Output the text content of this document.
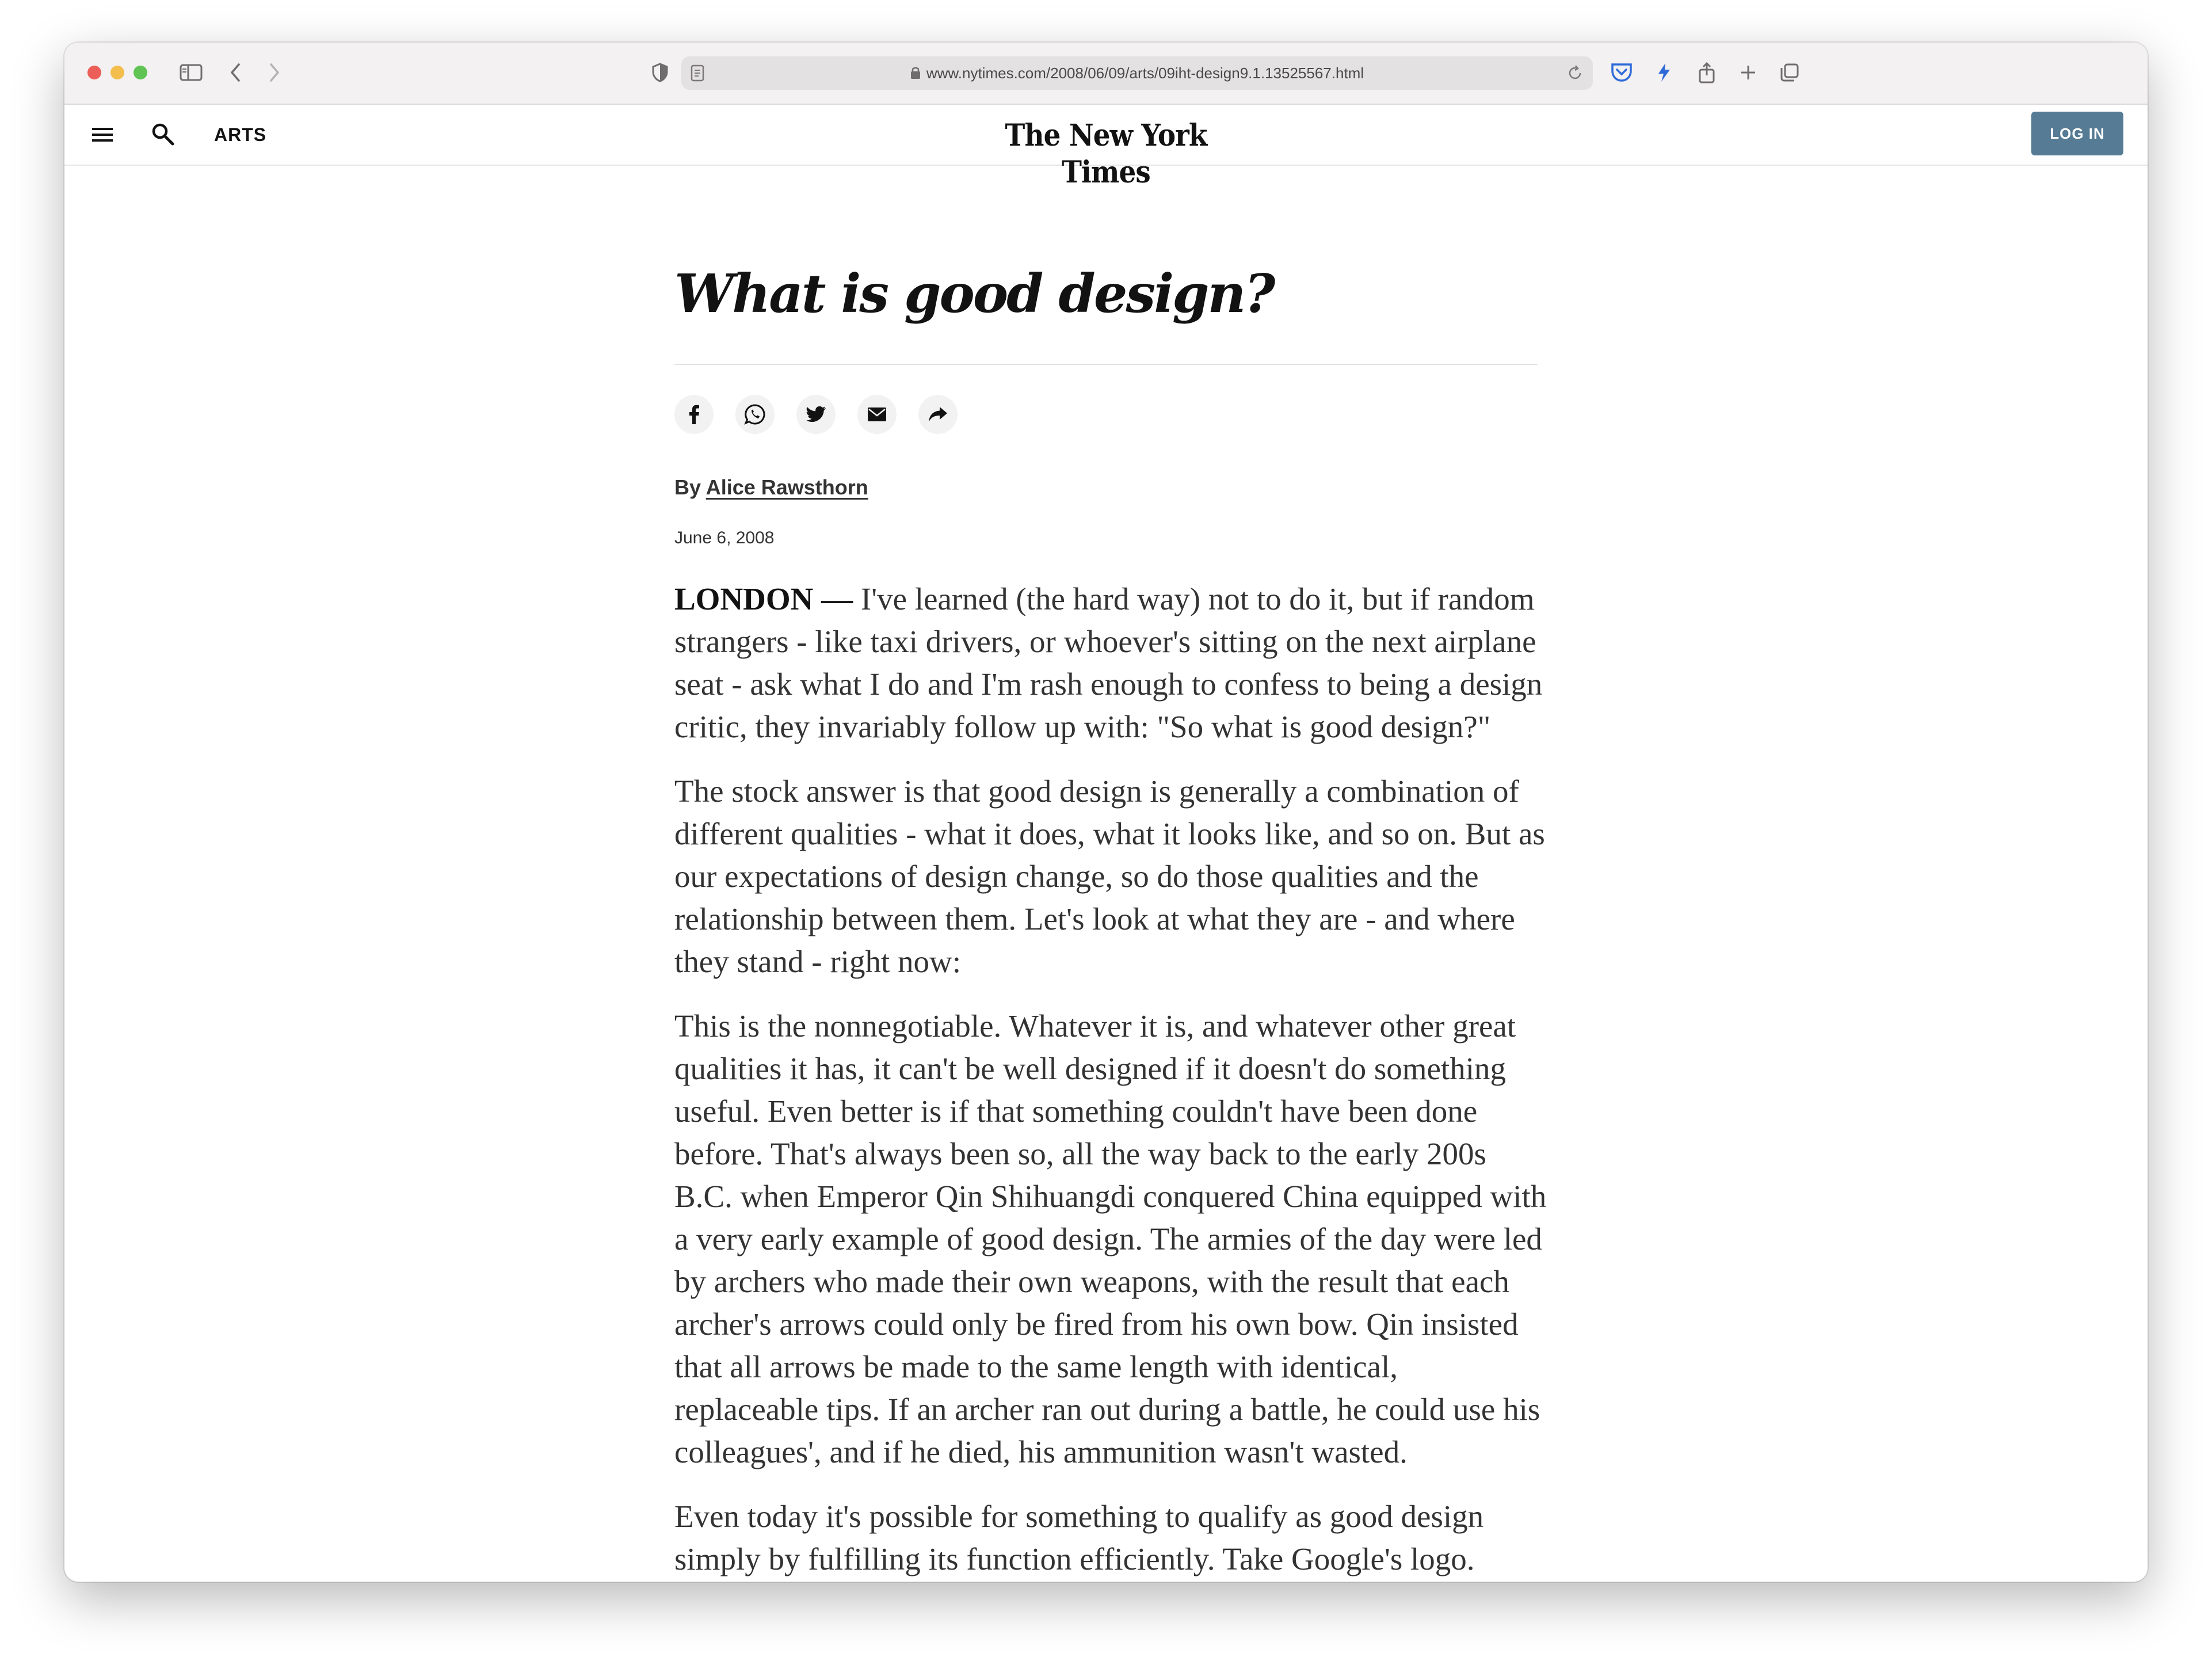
www.nytimes.com/2008/06/09/arts/09iht-design9.1.13525567.html
ARTS	The New York Times
LOG IN
What is good design?
By Alice Rawsthorn
June 6, 2008

LONDON — I've learned (the hard way) not to do it, but if random strangers - like taxi drivers, or whoever's sitting on the next airplane seat - ask what I do and I'm rash enough to confess to being a design critic, they invariably follow up with: "So what is good design?"

The stock answer is that good design is generally a combination of different qualities - what it does, what it looks like, and so on. But as our expectations of design change, so do those qualities and the relationship between them. Let's look at what they are - and where they stand - right now:

This is the nonnegotiable. Whatever it is, and whatever other great qualities it has, it can't be well designed if it doesn't do something useful. Even better is if that something couldn't have been done before. That's always been so, all the way back to the early 200s B.C. when Emperor Qin Shihuangdi conquered China equipped with a very early example of good design. The armies of the day were led by archers who made their own weapons, with the result that each archer's arrows could only be fired from his own bow. Qin insisted that all arrows be made to the same length with identical, replaceable tips. If an archer ran out during a battle, he could use his colleagues', and if he died, his ammunition wasn't wasted.

Even today it's possible for something to qualify as good design simply by fulfilling its function efficiently. Take Google's logo.
